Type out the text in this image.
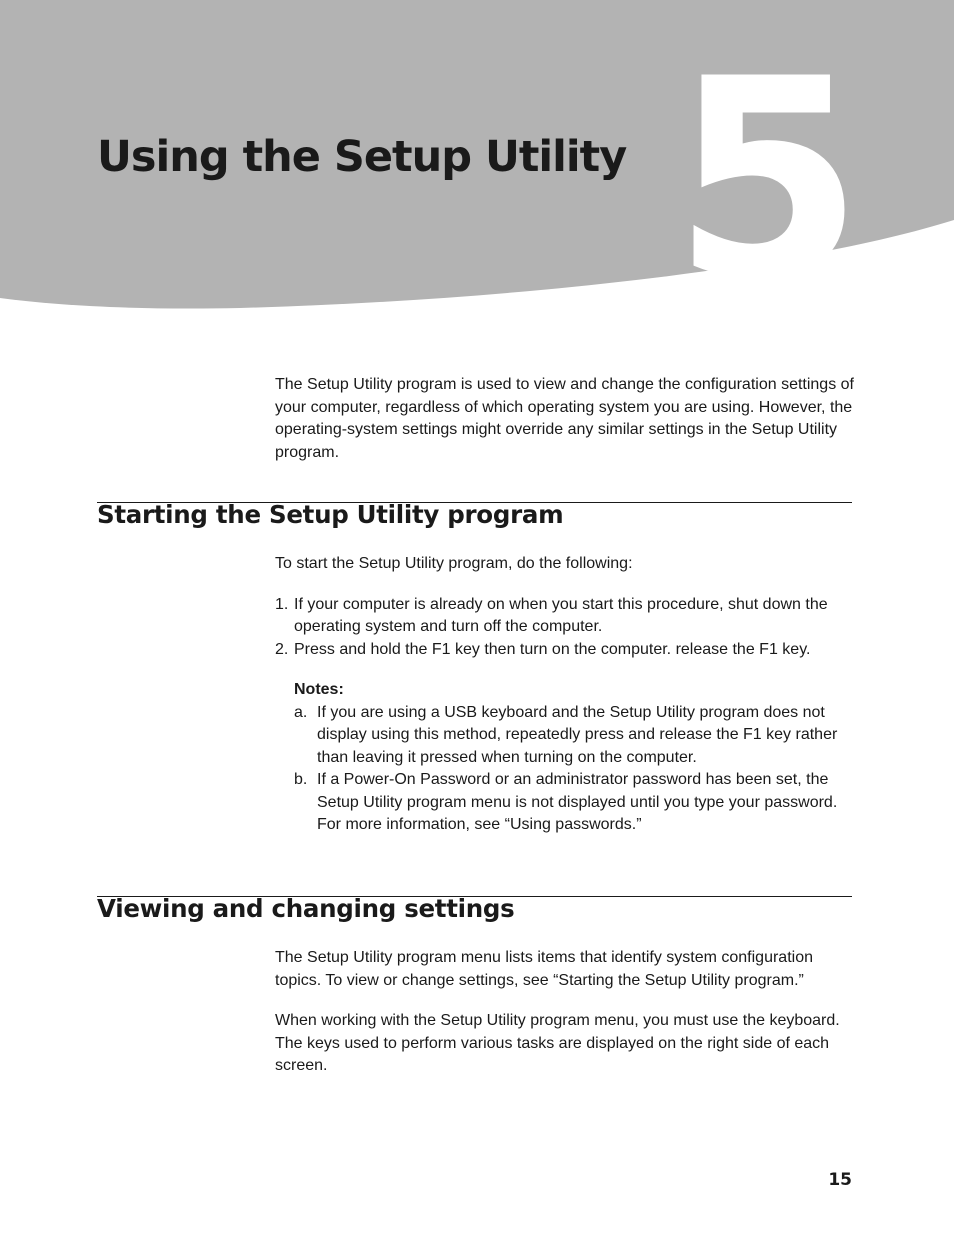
5
Using the Setup Utility

The Setup Utility program is used to view and change the configuration settings of your computer, regardless of which operating system you are using. However, the operating-system settings might override any similar settings in the Setup Utility program.

Starting the Setup Utility program

To start the Setup Utility program, do the following:

1. If your computer is already on when you start this procedure, shut down the operating system and turn off the computer.
2. Press and hold the F1 key then turn on the computer. release the F1 key.

Notes:

a. If you are using a USB keyboard and the Setup Utility program does not display using this method, repeatedly press and release the F1 key rather than leaving it pressed when turning on the computer.
b. If a Power-On Password or an administrator password has been set, the Setup Utility program menu is not displayed until you type your password. For more information, see “Using passwords.”
Viewing and changing settings

The Setup Utility program menu lists items that identify system configuration topics. To view or change settings, see “Starting the Setup Utility program.”

When working with the Setup Utility program menu, you must use the keyboard. The keys used to perform various tasks are displayed on the right side of each screen.

15
